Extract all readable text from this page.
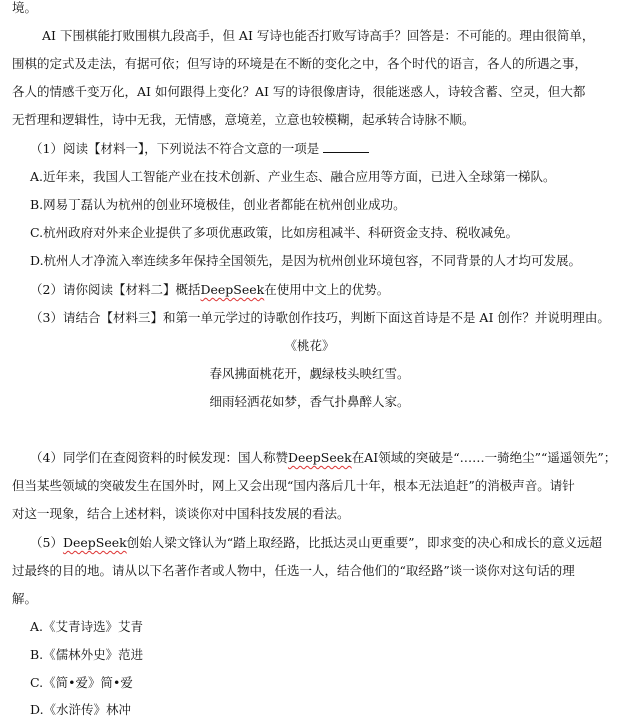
境。
AI 下围棋能打败围棋九段高手，但 AI 写诗也能否打败写诗高手？回答是：不可能的。理由很简单，
围棋的定式及走法，有据可依；但写诗的环境是在不断的变化之中，各个时代的语言，各人的所遇之事，
各人的情感千变万化，AI 如何跟得上变化？AI 写的诗很像唐诗，很能迷惑人，诗较含蓄、空灵，但大都
无哲理和逻辑性，诗中无我，无情感，意境差，立意也较模糊，起承转合诗脉不顺。
（1）阅读【材料一】，下列说法不符合文意的一项是
A.近年来，我国人工智能产业在技术创新、产业生态、融合应用等方面，已进入全球第一梯队。
B.网易丁磊认为杭州的创业环境极佳，创业者都能在杭州创业成功。
C.杭州政府对外来企业提供了多项优惠政策，比如房租减半、科研资金支持、税收减免。
D.杭州人才净流入率连续多年保持全国领先，是因为杭州创业环境包容，不同背景的人才均可发展。
（2）请你阅读【材料二】概括DeepSeek在使用中文上的优势。
（3）请结合【材料三】和第一单元学过的诗歌创作技巧，判断下面这首诗是不是 AI 创作？并说明理由。
《桃花》
春风拂面桃花开，觑绿枝头映红雪。
细雨轻洒花如梦，香气扑鼻醉人家。
（4）同学们在查阅资料的时候发现：国人称赞DeepSeek在AI领域的突破是“……一骑绝尘”“遥遥领先”；
但当某些领域的突破发生在国外时，网上又会出现“国内落后几十年，根本无法追赶”的消极声音。请针
对这一现象，结合上述材料，谈谈你对中国科技发展的看法。
（5）DeepSeek创始人梁文锋认为“踏上取经路，比抵达灵山更重要”，即求变的决心和成长的意义远超
过最终的目的地。请从以下名著作者或人物中，任选一人，结合他们的“取经路”谈一谈你对这句话的理
解。
A.《艾青诗选》艾青
B.《儒林外史》范进
C.《简•爱》简•爱
D.《水浒传》林冲
